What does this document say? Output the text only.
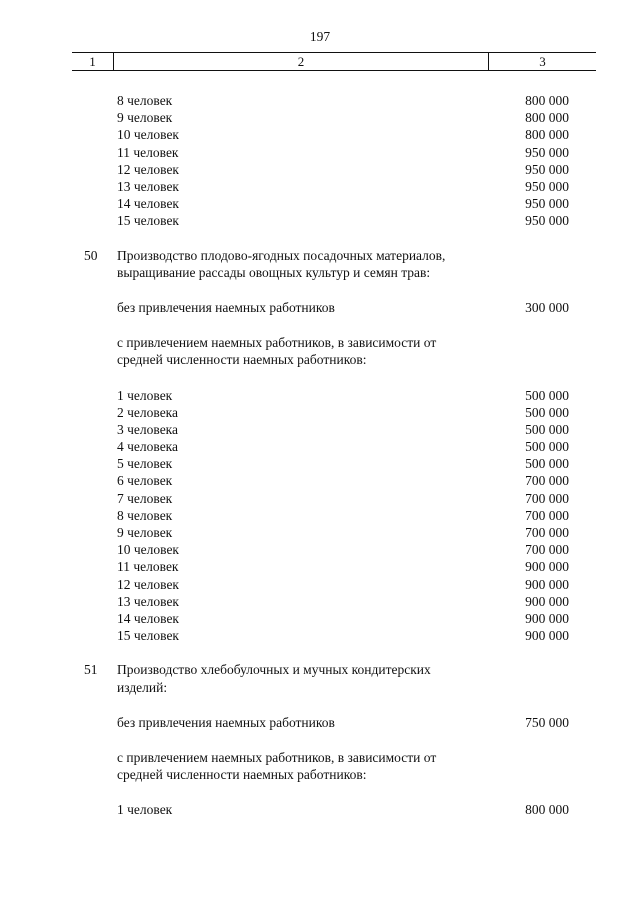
197
1	2	3
8 человек	800 000
9 человек	800 000
10 человек	800 000
11 человек	950 000
12 человек	950 000
13 человек	950 000
14 человек	950 000
15 человек	950 000
50 Производство плодово-ягодных посадочных материалов, выращивание рассады овощных культур и семян трав:
без привлечения наемных работников	300 000
с привлечением наемных работников, в зависимости от средней численности наемных работников:
1 человек	500 000
2 человека	500 000
3 человека	500 000
4 человека	500 000
5 человек	500 000
6 человек	700 000
7 человек	700 000
8 человек	700 000
9 человек	700 000
10 человек	700 000
11 человек	900 000
12 человек	900 000
13 человек	900 000
14 человек	900 000
15 человек	900 000
51 Производство хлебобулочных и мучных кондитерских изделий:
без привлечения наемных работников	750 000
с привлечением наемных работников, в зависимости от средней численности наемных работников:
1 человек	800 000
